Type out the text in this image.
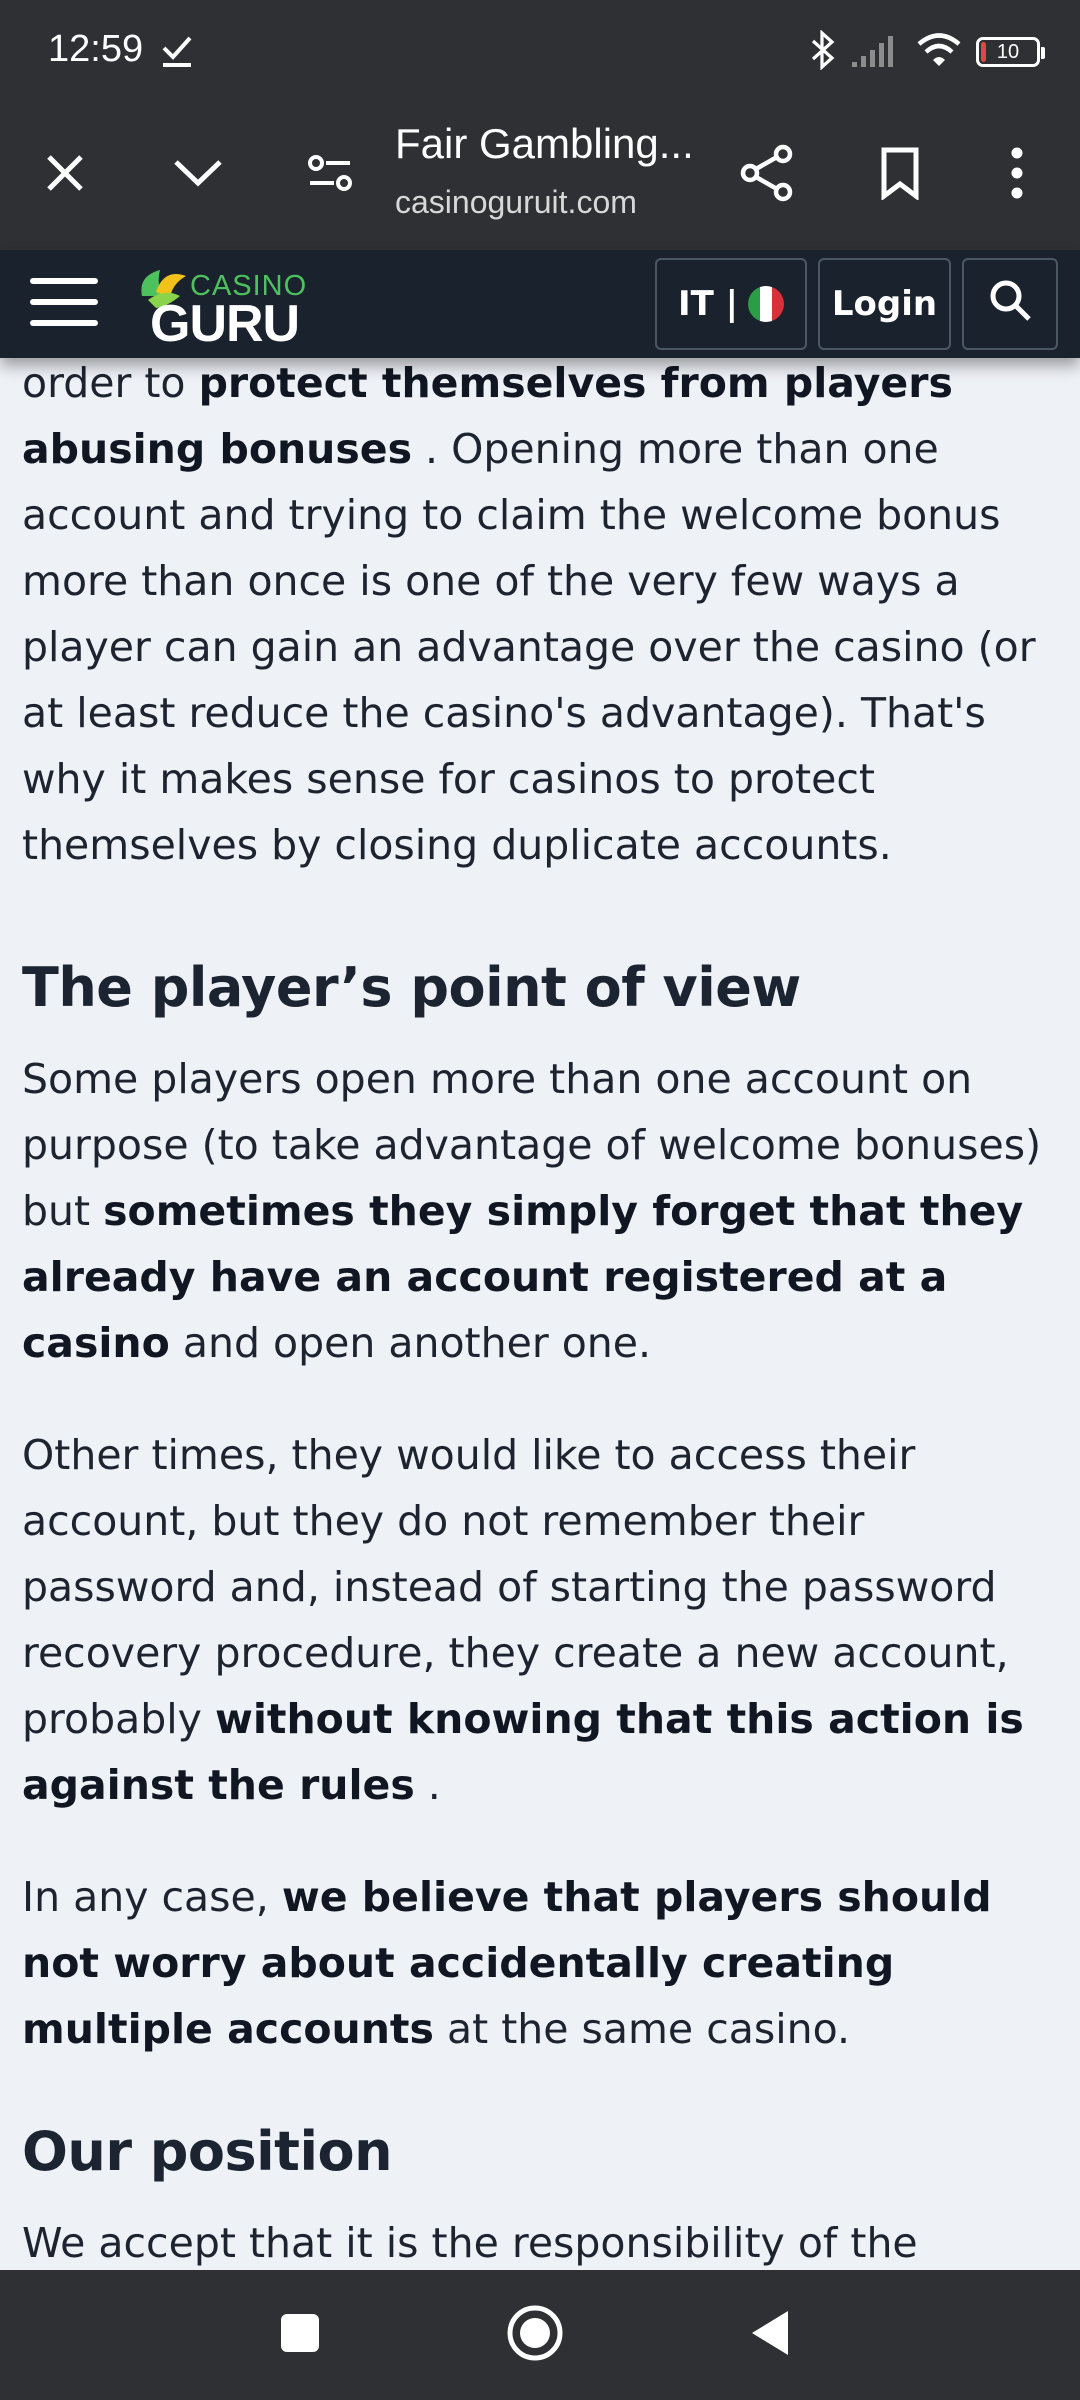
12:59	10
Fair Gambling...
casinoguruit.com
CASINO
GURU	IT |	Login

order to protect themselves from players abusing bonuses . Opening more than one account and trying to claim the welcome bonus more than once is one of the very few ways a player can gain an advantage over the casino (or at least reduce the casino's advantage). That's why it makes sense for casinos to protect themselves by closing duplicate accounts.

The player’s point of view

Some players open more than one account on purpose (to take advantage of welcome bonuses) but sometimes they simply forget that they already have an account registered at a casino and open another one.

Other times, they would like to access their account, but they do not remember their password and, instead of starting the password recovery procedure, they create a new account, probably without knowing that this action is against the rules .

In any case, we believe that players should not worry about accidentally creating multiple accounts at the same casino.

Our position

We accept that it is the responsibility of the
